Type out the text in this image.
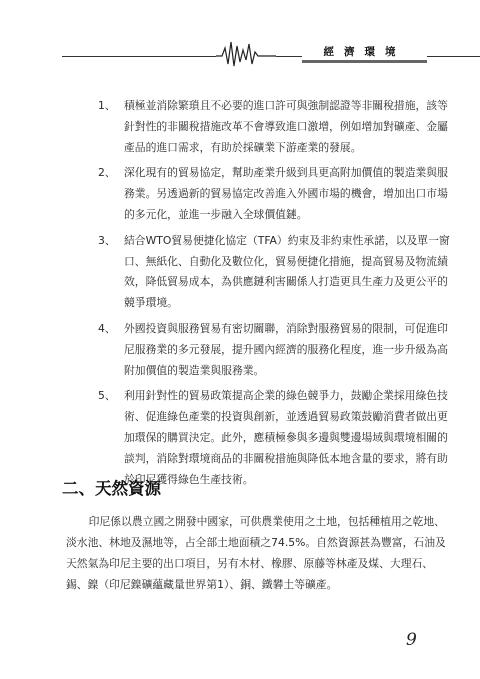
經濟環境
1、 積極並消除繁瑣且不必要的進口許可與強制認證等非關稅措施，該等針對性的非關稅措施改革不會導致進口激增，例如增加對礦產、金屬產品的進口需求，有助於採礦業下游產業的發展。
2、 深化現有的貿易協定，幫助產業升級到具更高附加價值的製造業與服務業。另透過新的貿易協定改善進入外國市場的機會，增加出口市場的多元化，並進一步融入全球價值鏈。
3、 結合WTO貿易便捷化協定（TFA）約束及非約束性承諾，以及單一窗口、無紙化、自動化及數位化，貿易便捷化措施，提高貿易及物流績效，降低貿易成本，為供應鏈利害關係人打造更具生產力及更公平的競爭環境。
4、 外國投資與服務貿易有密切關聯，消除對服務貿易的限制，可促進印尼服務業的多元發展，提升國內經濟的服務化程度，進一步升級為高附加價值的製造業與服務業。
5、 利用針對性的貿易政策提高企業的綠色競爭力，鼓勵企業採用綠色技術、促進綠色產業的投資與創新，並透過貿易政策鼓勵消費者做出更加環保的購買決定。此外，應積極參與多邊與雙邊場域與環境相關的談判，消除對環境商品的非關稅措施與降低本地含量的要求，將有助於印尼獲得綠色生產技術。
二、天然資源

印尼係以農立國之開發中國家，可供農業使用之土地，包括種植用之乾地、淡水池、林地及濕地等，占全部土地面積之74.5%。自然資源甚為豐富，石油及天然氣為印尼主要的出口項目，另有木材、橡膠、原藤等林產及煤、大理石、錫、鎳（印尼鎳礦蘊藏量世界第1）、銅、鐵礬土等礦產。

9
